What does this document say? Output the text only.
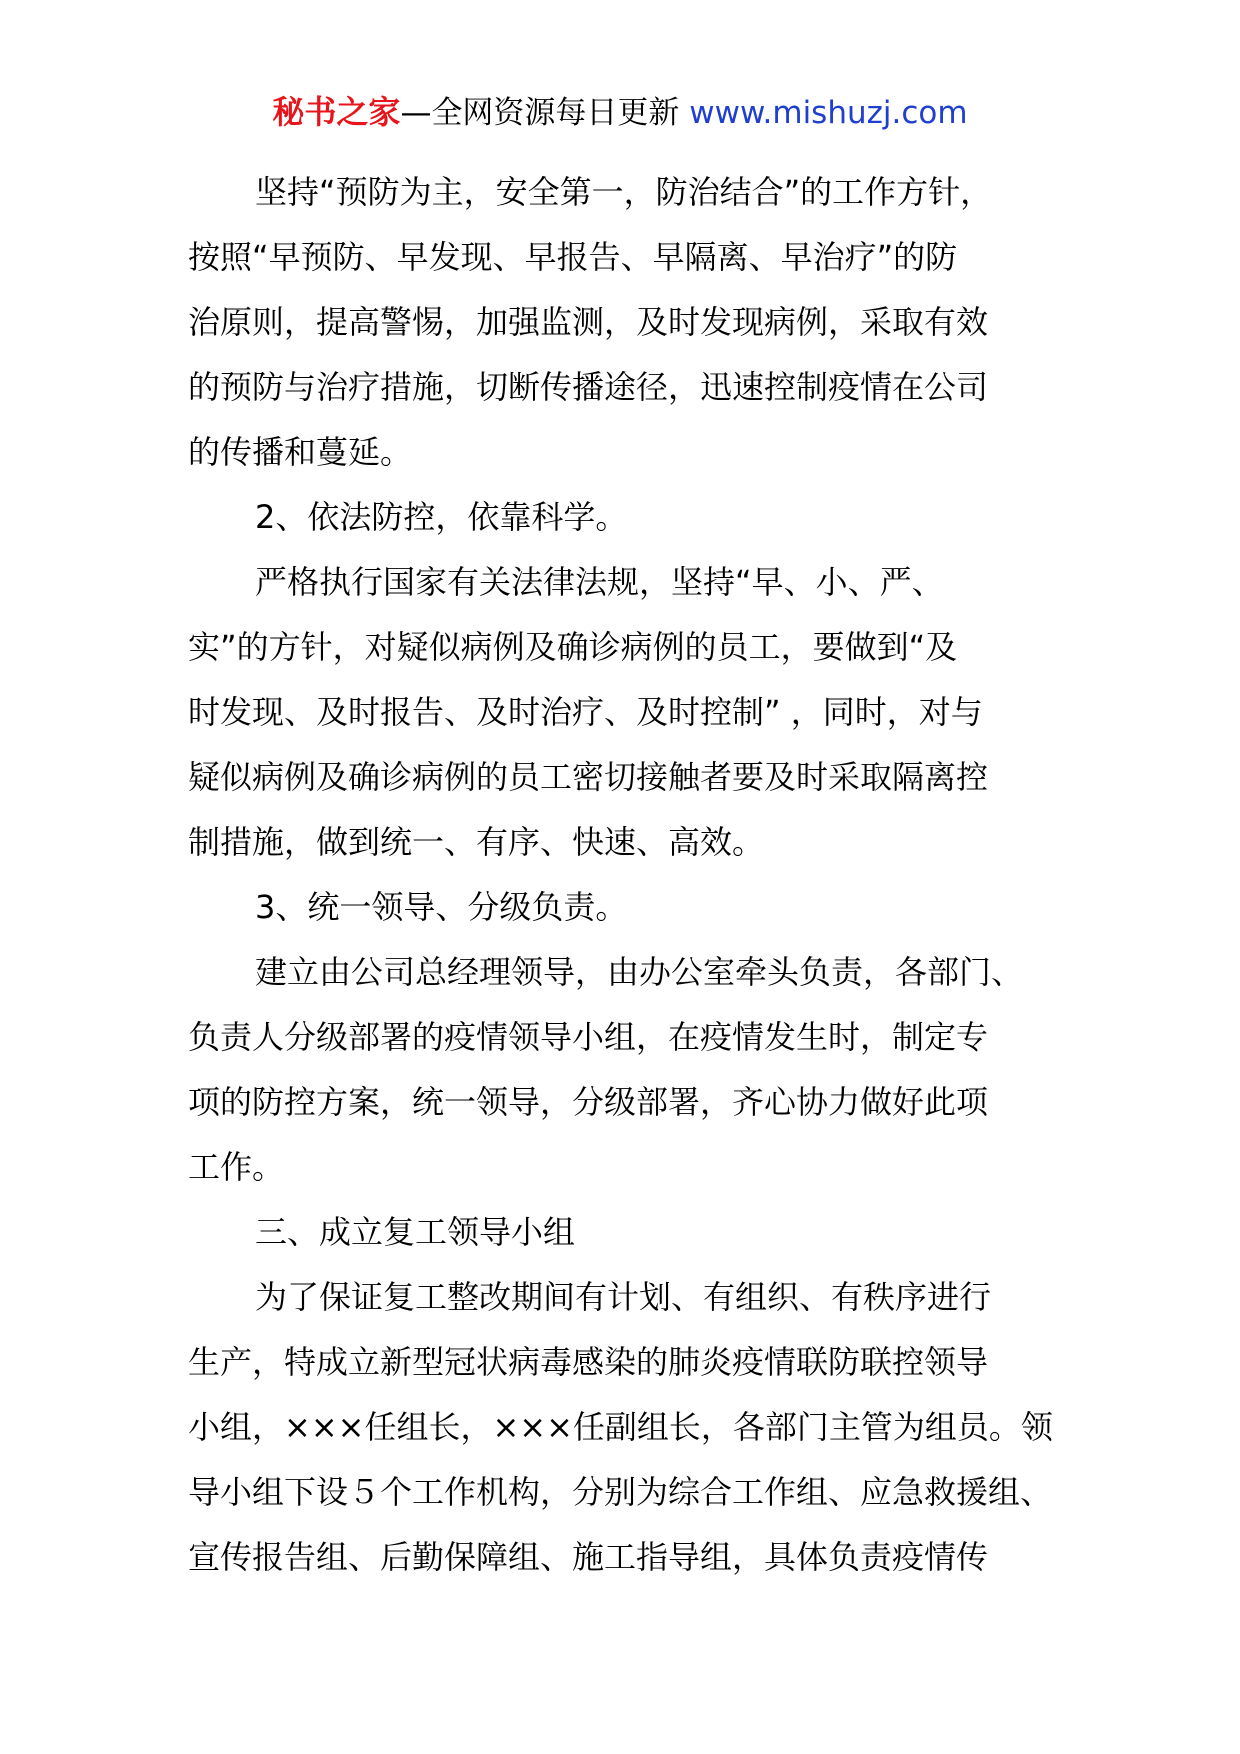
秘书之家—全网资源每日更新 www.mishuzj.com

坚持“预防为主，安全第一，防治结合”的工作方针，
按照“早预防、早发现、早报告、早隔离、早治疗”的防
治原则，提高警惕，加强监测，及时发现病例，采取有效
的预防与治疗措施，切断传播途径，迅速控制疫情在公司
的传播和蔓延。

2、依法防控，依靠科学。

严格执行国家有关法律法规，坚持“早、小、严、
实”的方针，对疑似病例及确诊病例的员工，要做到“及
时发现、及时报告、及时治疗、及时控制” ，同时，对与
疑似病例及确诊病例的员工密切接触者要及时采取隔离控
制措施，做到统一、有序、快速、高效。

3、统一领导、分级负责。

建立由公司总经理领导，由办公室牵头负责，各部门、
负责人分级部署的疫情领导小组，在疫情发生时，制定专
项的防控方案，统一领导，分级部署，齐心协力做好此项
工作。

三、成立复工领导小组

为了保证复工整改期间有计划、有组织、有秩序进行
生产，特成立新型冠状病毒感染的肺炎疫情联防联控领导
小组，×××任组长，×××任副组长，各部门主管为组员。领
导小组下设５个工作机构，分别为综合工作组、应急救援组、
宣传报告组、后勤保障组、施工指导组，具体负责疫情传
